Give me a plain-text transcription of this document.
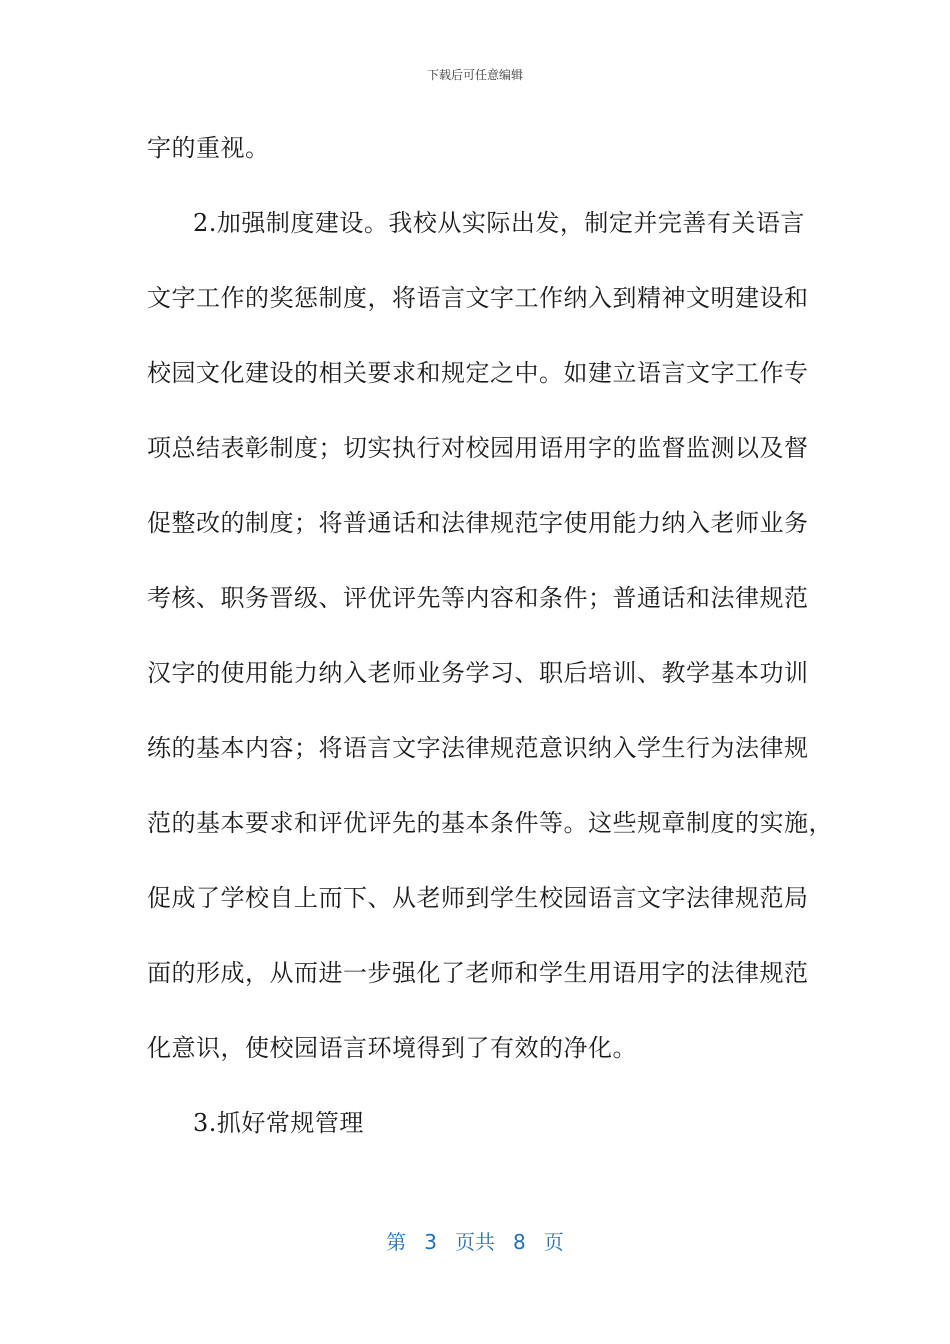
下载后可任意编辑
字的重视。
2.加强制度建设。我校从实际出发，制定并完善有关语言
文字工作的奖惩制度，将语言文字工作纳入到精神文明建设和
校园文化建设的相关要求和规定之中。如建立语言文字工作专
项总结表彰制度；切实执行对校园用语用字的监督监测以及督
促整改的制度；将普通话和法律规范字使用能力纳入老师业务
考核、职务晋级、评优评先等内容和条件；普通话和法律规范
汉字的使用能力纳入老师业务学习、职后培训、教学基本功训
练的基本内容；将语言文字法律规范意识纳入学生行为法律规
范的基本要求和评优评先的基本条件等。这些规章制度的实施，
促成了学校自上而下、从老师到学生校园语言文字法律规范局
面的形成，从而进一步强化了老师和学生用语用字的法律规范
化意识，使校园语言环境得到了有效的净化。
3.抓好常规管理
第 3 页共 8 页
